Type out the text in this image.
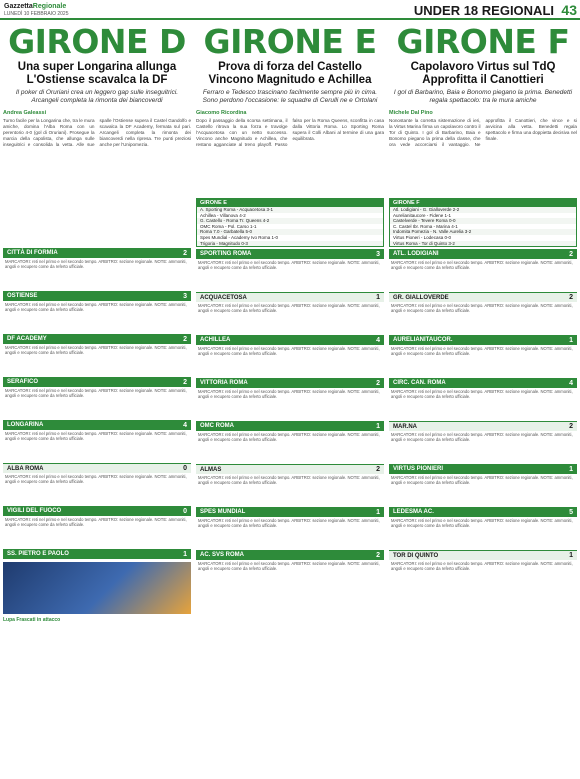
GazzettaRegionale
LUNEDÌ 10 FEBBRAIO 2025	UNDER 18 REGIONALI 43
GIRONE D
Una super Longarina allunga L'Ostiense scavalca la DF
Il poker di Oruriani crea un leggero gap sulle inseguitrici. Arcangeli completa la rimonta dei biancoverdi
Andrea Galeassi
Turno facile per la Longarina che, tra le mura amiche, domina l'Alba Roma con un perentorio 4-0 (gol di Oruriani). Prosegue la marcia della capolista, che allunga sulle inseguitrici e consolida la vetta. Alle sue spalle l'Ostiense supera il Castel Gandolfo e scavalca la DF Academy, fermata sul pari. Arcangeli completa la rimonta dei biancoverdi nella ripresa. Tre punti preziosi anche per l'Unipomezia.
CITTÀ DI FORMIA	2
MARCATORI: reti nel primo e nel secondo tempo. ARBITRO: sezione regionale. NOTE: ammoniti, angoli e recupero come da referto ufficiale.
OSTIENSE	3
MARCATORI: reti nel primo e nel secondo tempo. ARBITRO: sezione regionale. NOTE: ammoniti, angoli e recupero come da referto ufficiale.
DF ACADEMY	2
MARCATORI: reti nel primo e nel secondo tempo. ARBITRO: sezione regionale. NOTE: ammoniti, angoli e recupero come da referto ufficiale.
SERAFICO	2
MARCATORI: reti nel primo e nel secondo tempo. ARBITRO: sezione regionale. NOTE: ammoniti, angoli e recupero come da referto ufficiale.
LONGARINA	4
MARCATORI: reti nel primo e nel secondo tempo. ARBITRO: sezione regionale. NOTE: ammoniti, angoli e recupero come da referto ufficiale.
ALBA ROMA	0
MARCATORI: reti nel primo e nel secondo tempo. ARBITRO: sezione regionale. NOTE: ammoniti, angoli e recupero come da referto ufficiale.
VIGILI DEL FUOCO	0
MARCATORI: reti nel primo e nel secondo tempo. ARBITRO: sezione regionale. NOTE: ammoniti, angoli e recupero come da referto ufficiale.
SS. PIETRO E PAOLO	1
Lupa Frascati in attacco
GIRONE E
Prova di forza del Castello Vincono Magnitudo e Achillea
Ferraro e Tedesco trascinano facilmente sempre più in cima. Sono perdono l'occasione: le squadre di Cerulli ne e Ortolani
Giacomo Ricordina
Dopo il passaggio della scorsa settimana, il Castello ritrova la sua forza e travolge l'Acquacetosa con un netto successo. Vincono anche Magnitudo e Achillea, che restano agganciate al treno playoff. Passo falso per la Roma Queens, sconfitta in casa dalla Vittoria Roma. Lo Sporting Roma supera il Colli Albani al termine di una gara equilibrata.
GIRONE E
A. Sporting Roma - Acquacetosa 3-1
Achillea - Villanova 4-2
G. Castello - Roma Tr. Queens 4-2
OMC Roma - Pol. Carso 1-1
Roma 7.0 - Garbatella 5-0
Spes Mundial - Academy Ivo Roma 1-0
Trigoria - Magnitudo 0-3
SPORTING ROMA	3
MARCATORI: reti nel primo e nel secondo tempo. ARBITRO: sezione regionale. NOTE: ammoniti, angoli e recupero come da referto ufficiale.
ACQUACETOSA	1
MARCATORI: reti nel primo e nel secondo tempo. ARBITRO: sezione regionale. NOTE: ammoniti, angoli e recupero come da referto ufficiale.
ACHILLEA	4
MARCATORI: reti nel primo e nel secondo tempo. ARBITRO: sezione regionale. NOTE: ammoniti, angoli e recupero come da referto ufficiale.
VITTORIA ROMA	2
MARCATORI: reti nel primo e nel secondo tempo. ARBITRO: sezione regionale. NOTE: ammoniti, angoli e recupero come da referto ufficiale.
OMC ROMA	1
MARCATORI: reti nel primo e nel secondo tempo. ARBITRO: sezione regionale. NOTE: ammoniti, angoli e recupero come da referto ufficiale.
ALMAS	2
MARCATORI: reti nel primo e nel secondo tempo. ARBITRO: sezione regionale. NOTE: ammoniti, angoli e recupero come da referto ufficiale.
SPES MUNDIAL	1
MARCATORI: reti nel primo e nel secondo tempo. ARBITRO: sezione regionale. NOTE: ammoniti, angoli e recupero come da referto ufficiale.
AC. SVS ROMA	2
MARCATORI: reti nel primo e nel secondo tempo. ARBITRO: sezione regionale. NOTE: ammoniti, angoli e recupero come da referto ufficiale.
GIRONE F
Capolavoro Virtus sul TdQ Approfitta il Canottieri
I gol di Barbarino, Baia e Bonomo piegano la prima. Benedetti regala spettacolo: tra le mura amiche
Michele Dal Pino
Nonostante la corretta sistemazione di ieri, la Virtus Marina firma un capolavoro contro il Tor di Quinto. I gol di Barbarino, Baia e Bonomo piegano la prima della classe, che ora vede accorciarsi il vantaggio. Ne approfitta il Canottieri, che vince e si avvicina alla vetta. Benedetti regala spettacolo e firma una doppietta decisiva nel finale.
GIRONE F
Atl. Lodigiani - G. Gialloverde 2-2
Aurelianitaucore - Fidene 1-1
Castelverde - Tevere Roma 0-0
C. Castel Ibr. Roma - Marina 4-1
Indomita Pomezia - N. Valle Aurelia 3-2
Virtus Pioneri - Lodecasa 0-0
Virtus Roma - Tor di Quinto 3-2
ATL. LODIGIANI	2
MARCATORI: reti nel primo e nel secondo tempo. ARBITRO: sezione regionale. NOTE: ammoniti, angoli e recupero come da referto ufficiale.
GR. GIALLOVERDE	2
MARCATORI: reti nel primo e nel secondo tempo. ARBITRO: sezione regionale. NOTE: ammoniti, angoli e recupero come da referto ufficiale.
AURELIANITAUCOR.	1
MARCATORI: reti nel primo e nel secondo tempo. ARBITRO: sezione regionale. NOTE: ammoniti, angoli e recupero come da referto ufficiale.
CIRC. CAN. ROMA	4
MARCATORI: reti nel primo e nel secondo tempo. ARBITRO: sezione regionale. NOTE: ammoniti, angoli e recupero come da referto ufficiale.
MAR.NA	2
MARCATORI: reti nel primo e nel secondo tempo. ARBITRO: sezione regionale. NOTE: ammoniti, angoli e recupero come da referto ufficiale.
VIRTUS PIONIERI	1
MARCATORI: reti nel primo e nel secondo tempo. ARBITRO: sezione regionale. NOTE: ammoniti, angoli e recupero come da referto ufficiale.
LEDESMA AC.	5
MARCATORI: reti nel primo e nel secondo tempo. ARBITRO: sezione regionale. NOTE: ammoniti, angoli e recupero come da referto ufficiale.
TOR DI QUINTO	1
MARCATORI: reti nel primo e nel secondo tempo. ARBITRO: sezione regionale. NOTE: ammoniti, angoli e recupero come da referto ufficiale.
